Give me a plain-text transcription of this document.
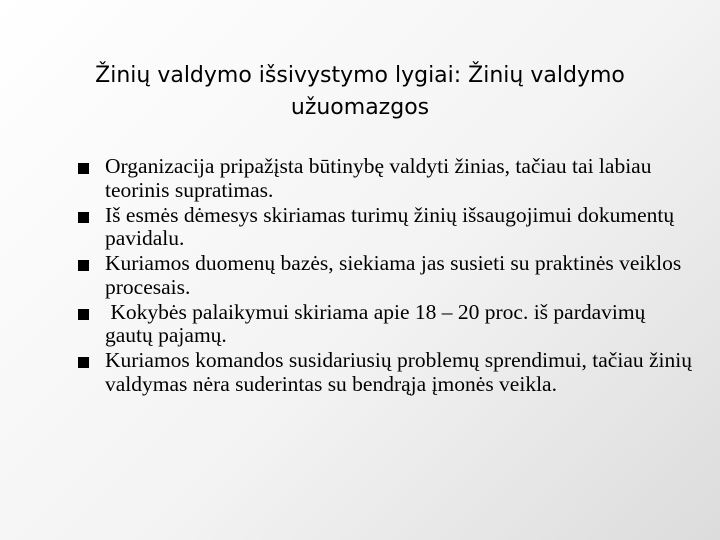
Žinių valdymo išsivystymo lygiai: Žinių valdymo užuomazgos
Organizacija pripažįsta būtinybę valdyti žinias, tačiau tai labiau teorinis supratimas.
Iš esmės dėmesys skiriamas turimų žinių išsaugojimui dokumentų pavidalu.
Kuriamos duomenų bazės, siekiama jas susieti su praktinės veiklos procesais.
Kokybės palaikymui skiriama apie 18 – 20 proc. iš pardavimų gautų pajamų.
Kuriamos komandos susidariusių problemų sprendimui, tačiau žinių valdymas nėra suderintas su bendrąja įmonės veikla.
